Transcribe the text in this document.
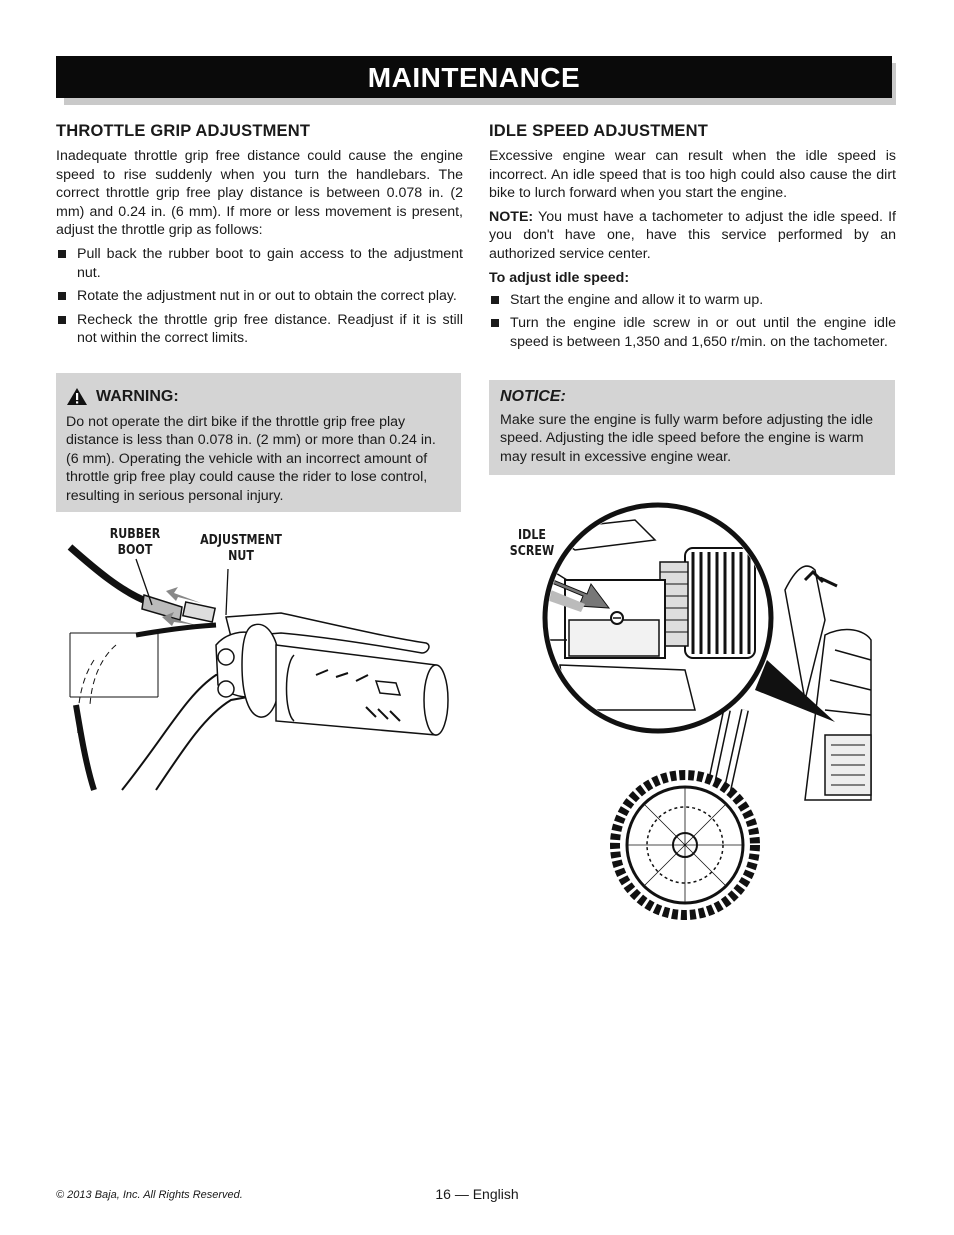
MAINTENANCE
THROTTLE GRIP ADJUSTMENT

Inadequate throttle grip free distance could cause the engine speed to rise suddenly when you turn the handlebars. The correct throttle grip free play distance is between 0.078 in. (2 mm) and 0.24 in. (6 mm). If more or less movement is present, adjust the throttle grip as follows:

Pull back the rubber boot to gain access to the adjustment nut.
Rotate the adjustment nut in or out to obtain the correct play.
Recheck the throttle grip free distance. Readjust if it is still not within the correct limits.
WARNING:

Do not operate the dirt bike if the throttle grip free play distance is less than 0.078 in. (2 mm) or more than 0.24 in. (6 mm). Operating the vehicle with an incorrect amount of throttle grip free play could cause the rider to lose control, resulting in serious personal injury.

RUBBER BOOT
ADJUSTMENT NUT
IDLE SPEED ADJUSTMENT

Excessive engine wear can result when the idle speed is incorrect. An idle speed that is too high could also cause the dirt bike to lurch forward when you start the engine.

NOTE: You must have a tachometer to adjust the idle speed. If you don't have one, have this service performed by an authorized service center.

To adjust idle speed:
Start the engine and allow it to warm up.
Turn the engine idle screw in or out until the engine idle speed is between 1,350 and 1,650 r/min. on the tachometer.
NOTICE:

Make sure the engine is fully warm before adjusting the idle speed. Adjusting the idle speed before the engine is warm may result in excessive engine wear.

IDLE SCREW
© 2013 Baja, Inc. All Rights Reserved.	16 — English
